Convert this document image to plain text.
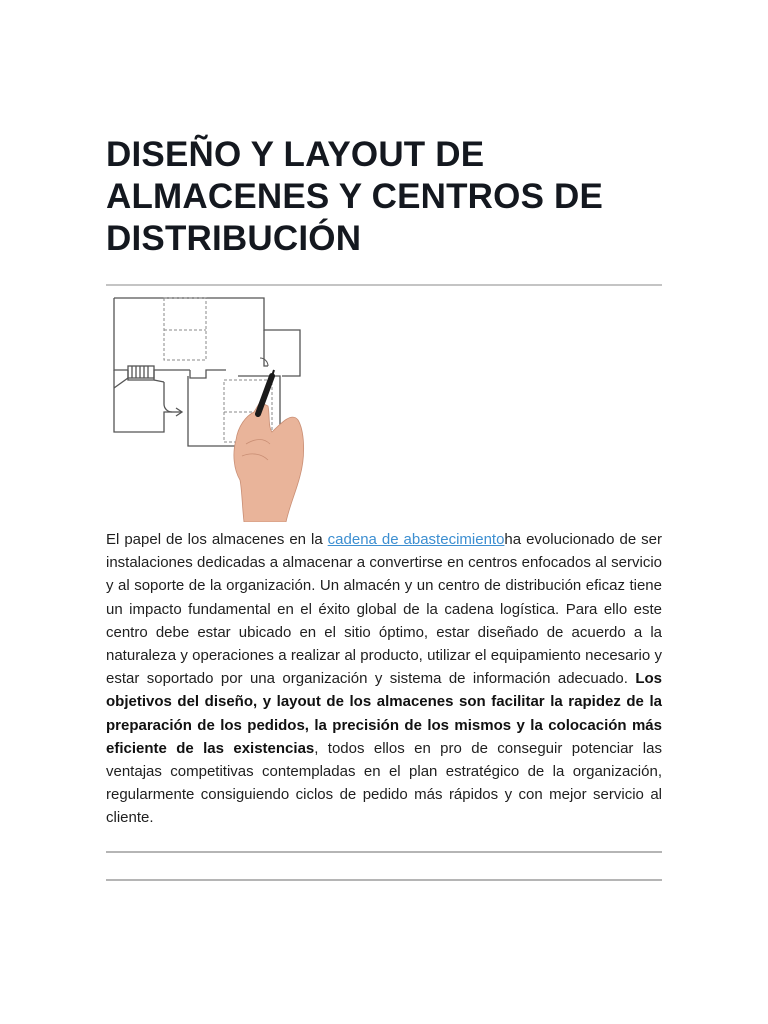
DISEÑO Y LAYOUT DE ALMACENES Y CENTROS DE DISTRIBUCIÓN

El papel de los almacenes en la cadena de abastecimientoha evolucionado de ser instalaciones dedicadas a almacenar a convertirse en centros enfocados al servicio y al soporte de la organización. Un almacén y un centro de distribución eficaz tiene un impacto fundamental en el éxito global de la cadena logística. Para ello este centro debe estar ubicado en el sitio óptimo, estar diseñado de acuerdo a la naturaleza y operaciones a realizar al producto, utilizar el equipamiento necesario y estar soportado por una organización y sistema de información adecuado. Los objetivos del diseño, y layout de los almacenes son facilitar la rapidez de la preparación de los pedidos, la precisión de los mismos y la colocación más eficiente de las existencias, todos ellos en pro de conseguir potenciar las ventajas competitivas contempladas en el plan estratégico de la organización, regularmente consiguiendo ciclos de pedido más rápidos y con mejor servicio al cliente.
